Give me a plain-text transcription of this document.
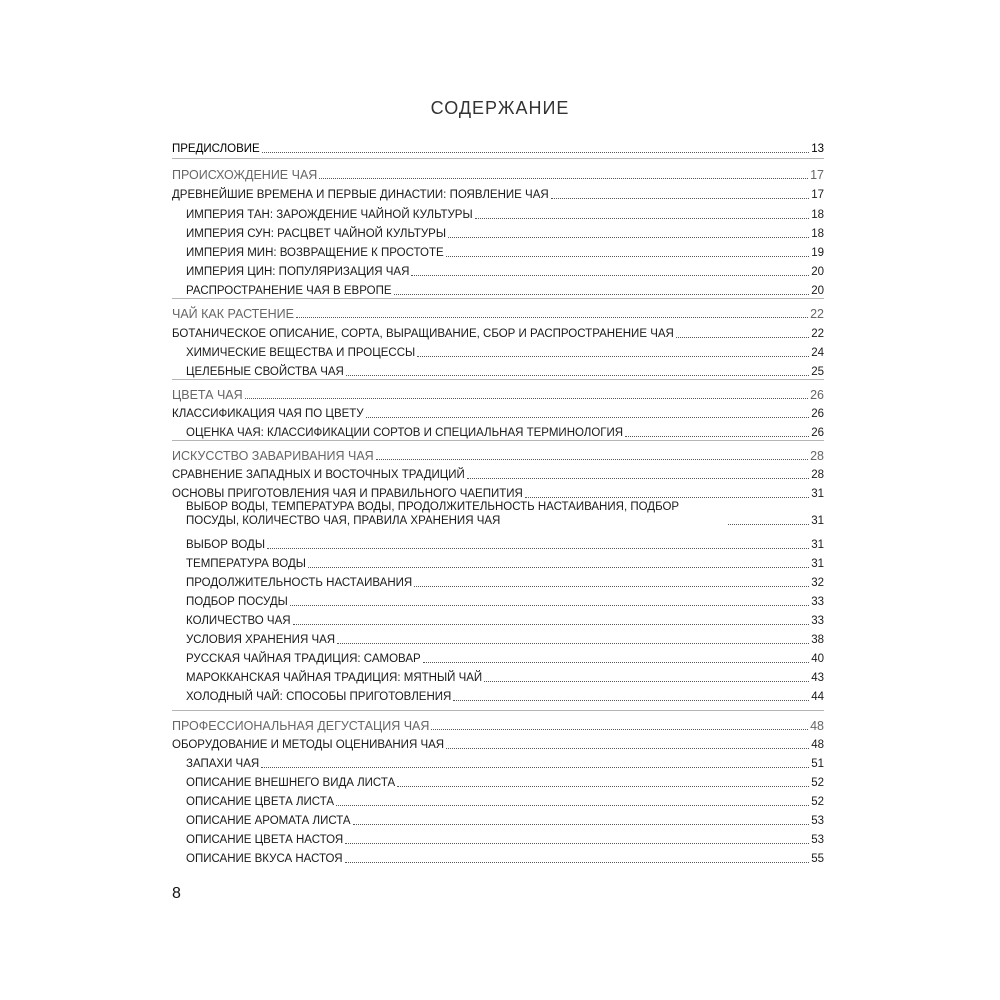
СОДЕРЖАНИЕ
ПРЕДИСЛОВИЕ	13
ПРОИСХОЖДЕНИЕ ЧАЯ	17
ДРЕВНЕЙШИЕ ВРЕМЕНА И ПЕРВЫЕ ДИНАСТИИ: ПОЯВЛЕНИЕ ЧАЯ	17
ИМПЕРИЯ ТАН: ЗАРОЖДЕНИЕ ЧАЙНОЙ КУЛЬТУРЫ	18
ИМПЕРИЯ СУН: РАСЦВЕТ ЧАЙНОЙ КУЛЬТУРЫ	18
ИМПЕРИЯ МИН: ВОЗВРАЩЕНИЕ К ПРОСТОТЕ	19
ИМПЕРИЯ ЦИН: ПОПУЛЯРИЗАЦИЯ ЧАЯ	20
РАСПРОСТРАНЕНИЕ ЧАЯ В ЕВРОПЕ	20
ЧАЙ КАК РАСТЕНИЕ	22
БОТАНИЧЕСКОЕ ОПИСАНИЕ, СОРТА, ВЫРАЩИВАНИЕ, СБОР И РАСПРОСТРАНЕНИЕ ЧАЯ	22
ХИМИЧЕСКИЕ ВЕЩЕСТВА И ПРОЦЕССЫ	24
ЦЕЛЕБНЫЕ СВОЙСТВА ЧАЯ	25
ЦВЕТА ЧАЯ	26
КЛАССИФИКАЦИЯ ЧАЯ ПО ЦВЕТУ	26
ОЦЕНКА ЧАЯ: КЛАССИФИКАЦИИ СОРТОВ И СПЕЦИАЛЬНАЯ ТЕРМИНОЛОГИЯ	26
ИСКУССТВО ЗАВАРИВАНИЯ ЧАЯ	28
СРАВНЕНИЕ ЗАПАДНЫХ И ВОСТОЧНЫХ ТРАДИЦИЙ	28
ОСНОВЫ ПРИГОТОВЛЕНИЯ ЧАЯ И ПРАВИЛЬНОГО ЧАЕПИТИЯ	31
ВЫБОР ВОДЫ, ТЕМПЕРАТУРА ВОДЫ, ПРОДОЛЖИТЕЛЬНОСТЬ НАСТАИВАНИЯ, ПОДБОР ПОСУДЫ, КОЛИЧЕСТВО ЧАЯ, ПРАВИЛА ХРАНЕНИЯ ЧАЯ	31
ВЫБОР ВОДЫ	31
ТЕМПЕРАТУРА ВОДЫ	31
ПРОДОЛЖИТЕЛЬНОСТЬ НАСТАИВАНИЯ	32
ПОДБОР ПОСУДЫ	33
КОЛИЧЕСТВО ЧАЯ	33
УСЛОВИЯ ХРАНЕНИЯ ЧАЯ	38
РУССКАЯ ЧАЙНАЯ ТРАДИЦИЯ: САМОВАР	40
МАРОККАНСКАЯ ЧАЙНАЯ ТРАДИЦИЯ: МЯТНЫЙ ЧАЙ	43
ХОЛОДНЫЙ ЧАЙ: СПОСОБЫ ПРИГОТОВЛЕНИЯ	44
ПРОФЕССИОНАЛЬНАЯ ДЕГУСТАЦИЯ ЧАЯ	48
ОБОРУДОВАНИЕ И МЕТОДЫ ОЦЕНИВАНИЯ ЧАЯ	48
ЗАПАХИ ЧАЯ	51
ОПИСАНИЕ ВНЕШНЕГО ВИДА ЛИСТА	52
ОПИСАНИЕ ЦВЕТА ЛИСТА	52
ОПИСАНИЕ АРОМАТА ЛИСТА	53
ОПИСАНИЕ ЦВЕТА НАСТОЯ	53
ОПИСАНИЕ ВКУСА НАСТОЯ	55
8
